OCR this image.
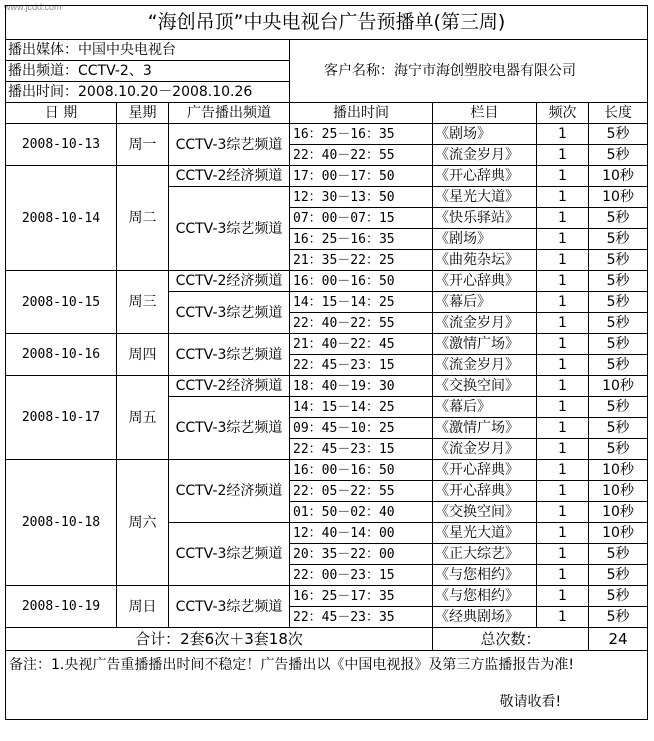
www.jcdd.com
“海创吊顶”中央电视台广告预播单(第三周)						
播出媒体：中国中央电视台			客户名称：海宁市海创塑胶电器有限公司			
播出频道：CCTV-2、3						
播出时间：2008.10.20－2008.10.26						
日 期	星期	广告播出频道	播出时间	栏目	频次	长度
2008-10-13	周一	CCTV-3综艺频道	16：25－16：35	《剧场》	1	5秒
			22：40－22：55	《流金岁月》	1	5秒
2008-10-14	周二	CCTV-2经济频道	17：00－17：50	《开心辞典》	1	10秒
		CCTV-3综艺频道	12：30－13：50	《星光大道》	1	10秒
			07：00－07：15	《快乐驿站》	1	5秒
			16：25－16：35	《剧场》	1	5秒
			21：35－22：25	《曲苑杂坛》	1	5秒
2008-10-15	周三	CCTV-2经济频道	16：00－16：50	《开心辞典》	1	5秒
		CCTV-3综艺频道	14：15－14：25	《幕后》	1	5秒
			22：40－22：55	《流金岁月》	1	5秒
2008-10-16	周四	CCTV-3综艺频道	21：40－22：45	《激情广场》	1	5秒
			22：45－23：15	《流金岁月》	1	5秒
2008-10-17	周五	CCTV-2经济频道	18：40－19：30	《交换空间》	1	10秒
		CCTV-3综艺频道	14：15－14：25	《幕后》	1	5秒
			09：45－10：25	《激情广场》	1	5秒
			22：45－23：15	《流金岁月》	1	5秒
2008-10-18	周六	CCTV-2经济频道	16：00－16：50	《开心辞典》	1	10秒
			22：05－22：55	《开心辞典》	1	10秒
			01：50－02：40	《交换空间》	1	10秒
		CCTV-3综艺频道	12：40－14：00	《星光大道》	1	10秒
			20：35－22：00	《正大综艺》	1	5秒
			22：00－23：15	《与您相约》	1	5秒
2008-10-19	周日	CCTV-3综艺频道	16：25－17：35	《与您相约》	1	5秒
			22：45－23：35	《经典剧场》	1	5秒
合计：2套6次＋3套18次				总次数：		24
备注：1.央视广告重播播出时间不稳定！广告播出以《中国电视报》及第三方监播报告为准!
敬请收看!						
